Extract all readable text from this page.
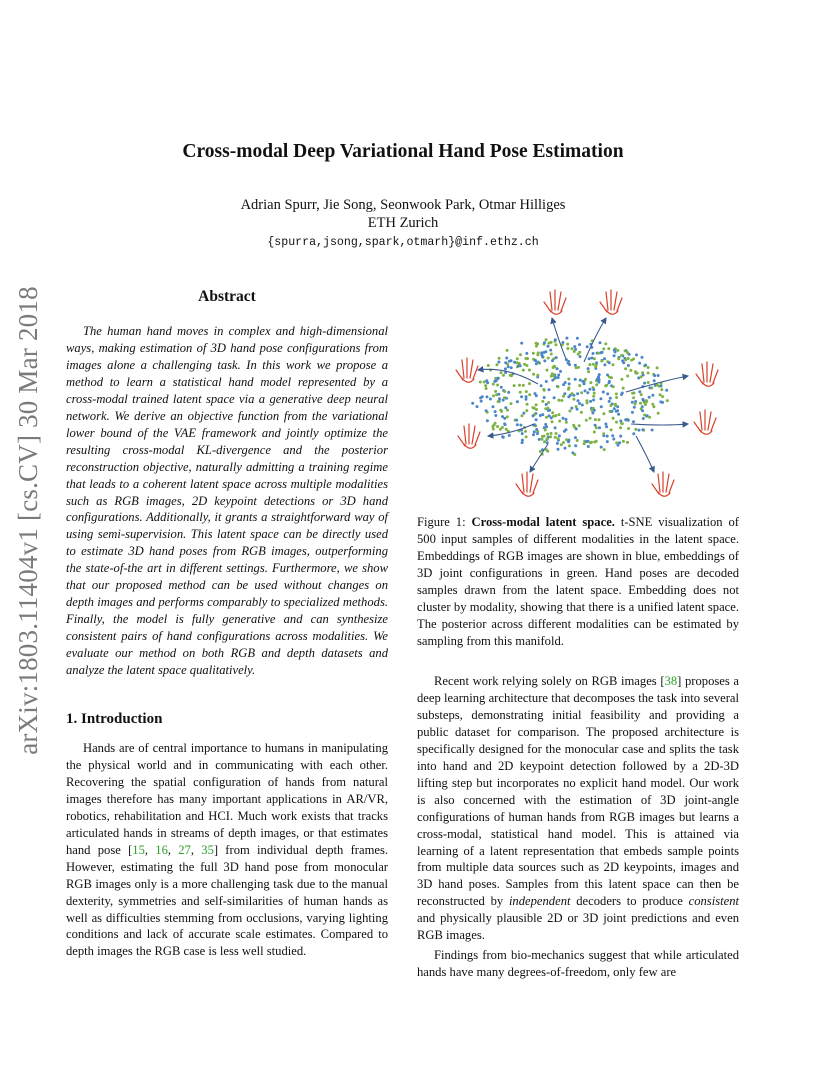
arXiv:1803.11404v1 [cs.CV] 30 Mar 2018
Cross-modal Deep Variational Hand Pose Estimation
Adrian Spurr, Jie Song, Seonwook Park, Otmar Hilliges
ETH Zurich
{spurra,jsong,spark,otmarh}@inf.ethz.ch
Abstract

The human hand moves in complex and high-dimensional ways, making estimation of 3D hand pose configurations from images alone a challenging task. In this work we propose a method to learn a statistical hand model represented by a cross-modal trained latent space via a generative deep neural network. We derive an objective function from the variational lower bound of the VAE framework and jointly optimize the resulting cross-modal KL-divergence and the posterior reconstruction objective, naturally admitting a training regime that leads to a coherent latent space across multiple modalities such as RGB images, 2D keypoint detections or 3D hand configurations. Additionally, it grants a straightforward way of using semi-supervision. This latent space can be directly used to estimate 3D hand poses from RGB images, outperforming the state-of-the art in different settings. Furthermore, we show that our proposed method can be used without changes on depth images and performs comparably to specialized methods. Finally, the model is fully generative and can synthesize consistent pairs of hand configurations across modalities. We evaluate our method on both RGB and depth datasets and analyze the latent space qualitatively.

1. Introduction

Hands are of central importance to humans in manipulating the physical world and in communicating with each other. Recovering the spatial configuration of hands from natural images therefore has many important applications in AR/VR, robotics, rehabilitation and HCI. Much work exists that tracks articulated hands in streams of depth images, or that estimates hand pose [15, 16, 27, 35] from individual depth frames. However, estimating the full 3D hand pose from monocular RGB images only is a more challenging task due to the manual dexterity, symmetries and self-similarities of human hands as well as difficulties stemming from occlusions, varying lighting conditions and lack of accurate scale estimates. Compared to depth images the RGB case is less well studied.

Figure 1: Cross-modal latent space. t-SNE visualization of 500 input samples of different modalities in the latent space. Embeddings of RGB images are shown in blue, embeddings of 3D joint configurations in green. Hand poses are decoded samples drawn from the latent space. Embedding does not cluster by modality, showing that there is a unified latent space. The posterior across different modalities can be estimated by sampling from this manifold.

Recent work relying solely on RGB images [38] proposes a deep learning architecture that decomposes the task into several substeps, demonstrating initial feasibility and providing a public dataset for comparison. The proposed architecture is specifically designed for the monocular case and splits the task into hand and 2D keypoint detection followed by a 2D-3D lifting step but incorporates no explicit hand model. Our work is also concerned with the estimation of 3D joint-angle configurations of human hands from RGB images but learns a cross-modal, statistical hand model. This is attained via learning of a latent representation that embeds sample points from multiple data sources such as 2D keypoints, images and 3D hand poses. Samples from this latent space can then be reconstructed by independent decoders to produce consistent and physically plausible 2D or 3D joint predictions and even RGB images.

Findings from bio-mechanics suggest that while articulated hands have many degrees-of-freedom, only few are
